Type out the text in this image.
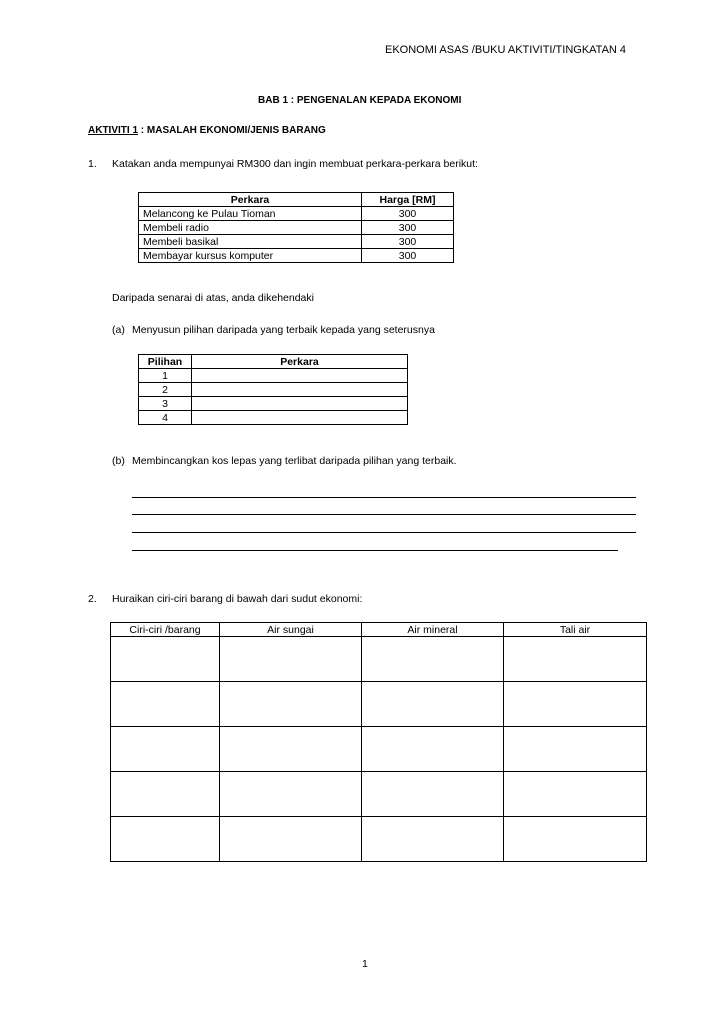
EKONOMI ASAS /BUKU AKTIVITI/TINGKATAN 4
BAB 1 : PENGENALAN KEPADA EKONOMI
AKTIVITI 1 : MASALAH EKONOMI/JENIS BARANG
1. Katakan anda mempunyai RM300 dan ingin membuat perkara-perkara berikut:
Perkara	Harga [RM]
Melancong ke Pulau Tioman	300
Membeli radio	300
Membeli basikal	300
Membayar kursus komputer	300
Daripada senarai di atas, anda dikehendaki
(a) Menyusun pilihan daripada yang terbaik kepada yang seterusnya
Pilihan	Perkara
1	
2	
3	
4	
(b) Membincangkan kos lepas yang terlibat daripada pilihan yang terbaik.
2. Huraikan ciri-ciri barang di bawah dari sudut ekonomi:
Ciri-ciri /barang	Air sungai	Air mineral	Tali air

1
